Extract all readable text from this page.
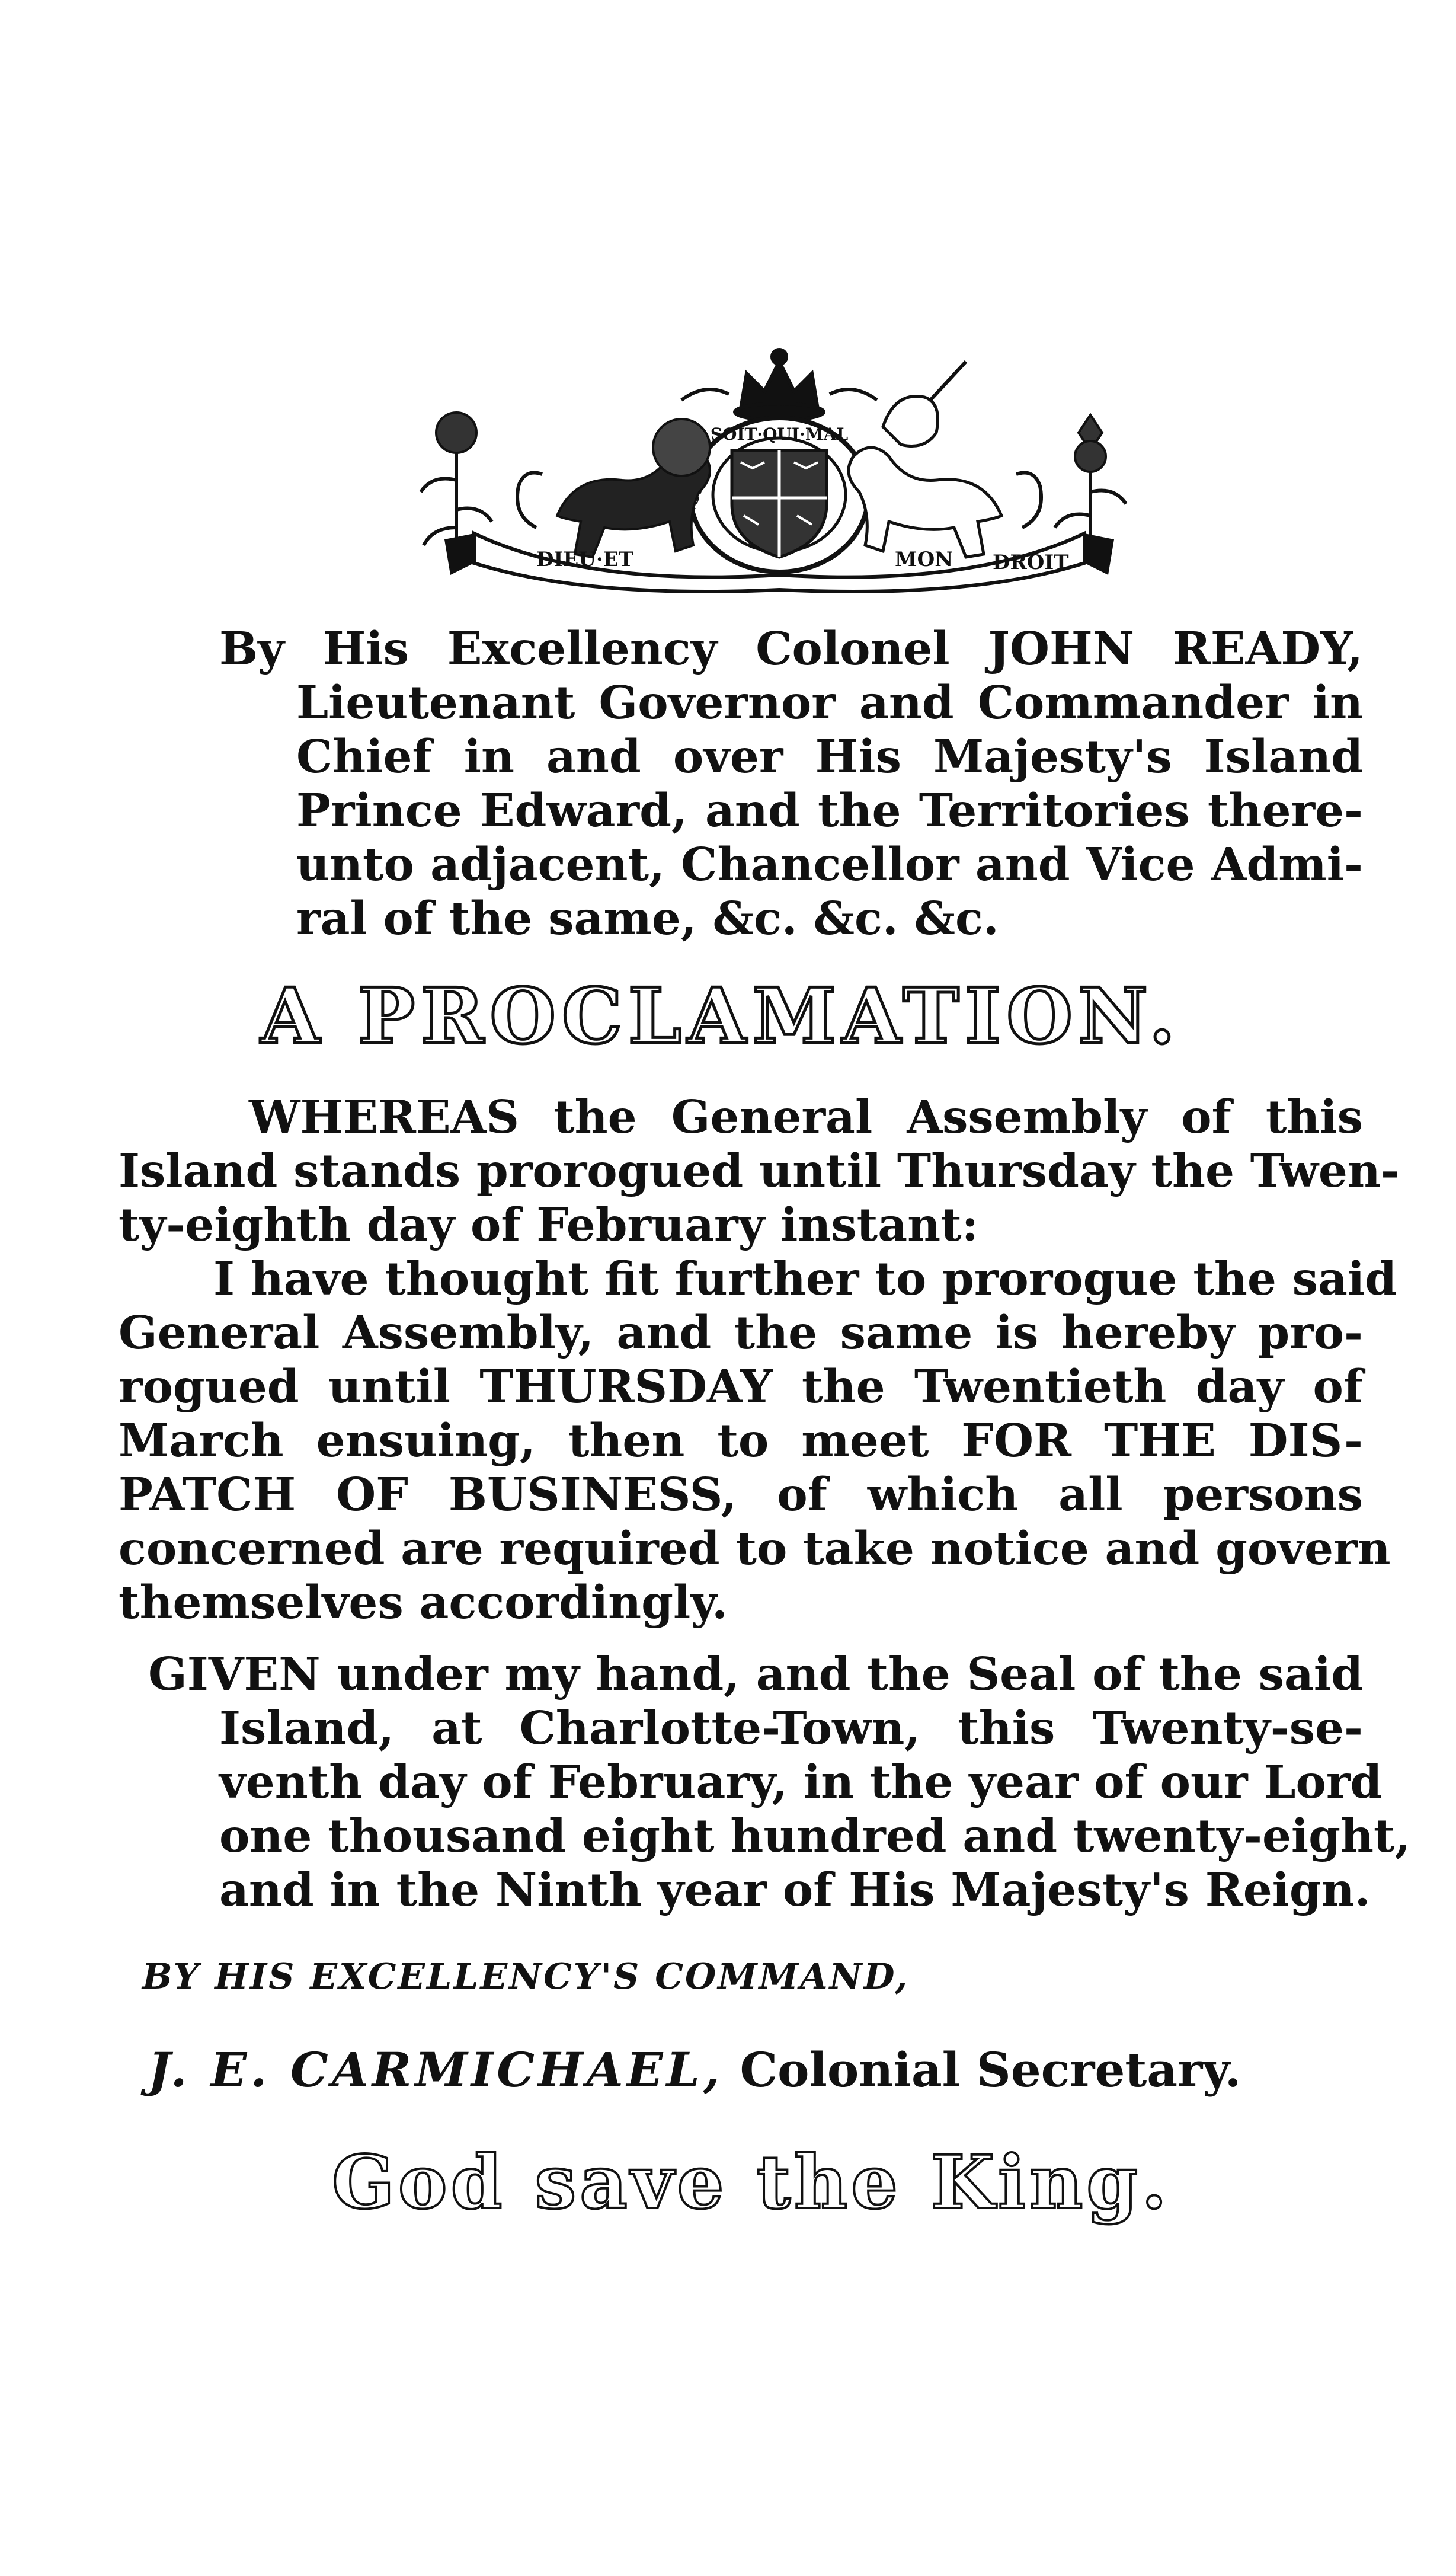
SOIT·QUI·MAL
DIEU·ET	MON DROIT
By His Excellency Colonel JOHN READY,
Lieutenant Governor and Commander in
Chief in and over His Majesty's Island
Prince Edward, and the Territories there-
unto adjacent, Chancellor and Vice Admi-
ral of the same, &c. &c. &c.
A PROCLAMATION.
WHEREAS the General Assembly of this
Island stands prorogued until Thursday the Twen-
ty-eighth day of February instant:
I have thought fit further to prorogue the said
General Assembly, and the same is hereby pro-
rogued until THURSDAY the Twentieth day of
March ensuing, then to meet FOR THE DIS-
PATCH OF BUSINESS, of which all persons
concerned are required to take notice and govern
themselves accordingly.
GIVEN under my hand, and the Seal of the said
Island, at Charlotte-Town, this Twenty-se-
venth day of February, in the year of our Lord
one thousand eight hundred and twenty-eight,
and in the Ninth year of His Majesty's Reign.
BY HIS EXCELLENCY'S COMMAND,
J. E. CARMICHAEL, Colonial Secretary.
God save the King.
